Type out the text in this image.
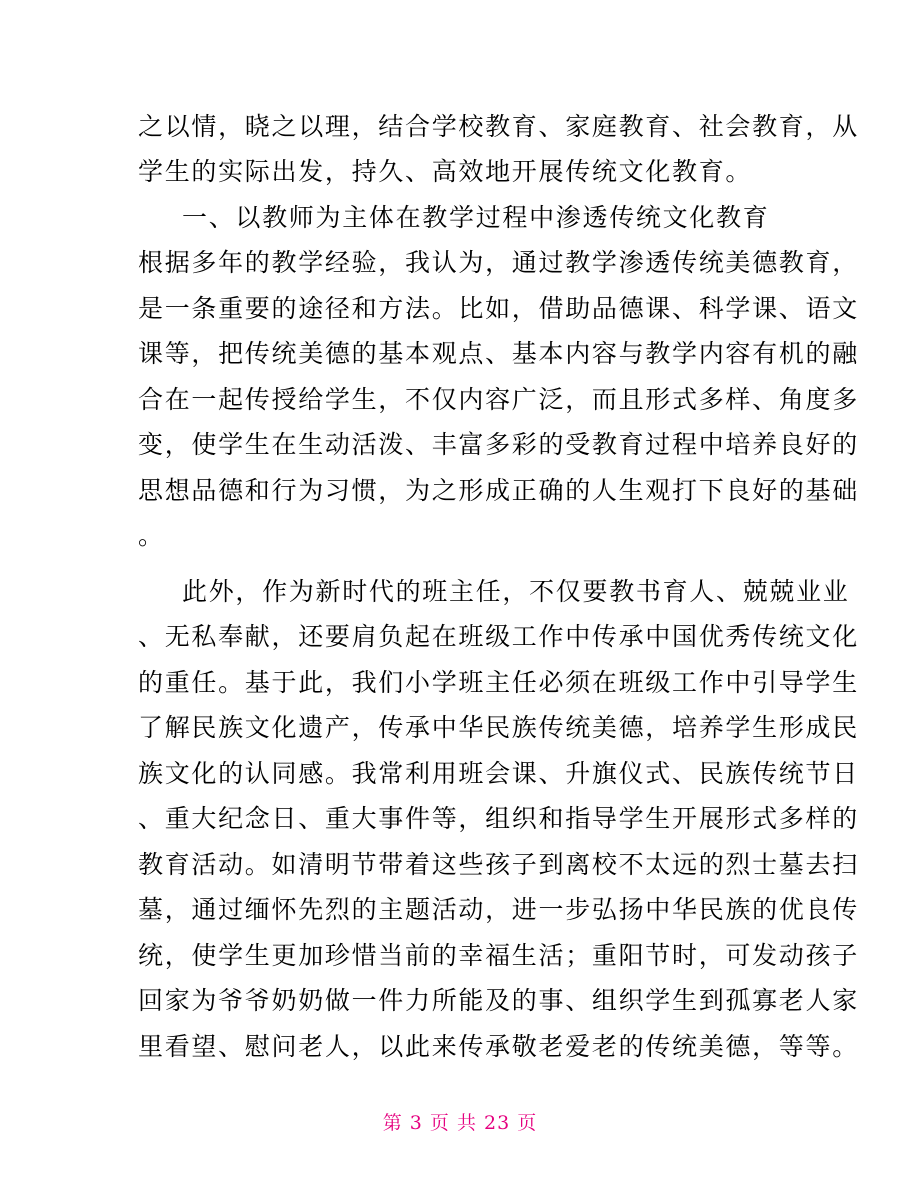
之以情，晓之以理，结合学校教育、家庭教育、社会教育，从
学生的实际出发，持久、高效地开展传统文化教育。
一、以教师为主体在教学过程中渗透传统文化教育
根据多年的教学经验，我认为，通过教学渗透传统美德教育，
是一条重要的途径和方法。比如，借助品德课、科学课、语文
课等，把传统美德的基本观点、基本内容与教学内容有机的融
合在一起传授给学生，不仅内容广泛，而且形式多样、角度多
变，使学生在生动活泼、丰富多彩的受教育过程中培养良好的
思想品德和行为习惯，为之形成正确的人生观打下良好的基础
。
此外，作为新时代的班主任，不仅要教书育人、兢兢业业
、无私奉献，还要肩负起在班级工作中传承中国优秀传统文化
的重任。基于此，我们小学班主任必须在班级工作中引导学生
了解民族文化遗产，传承中华民族传统美德，培养学生形成民
族文化的认同感。我常利用班会课、升旗仪式、民族传统节日
、重大纪念日、重大事件等，组织和指导学生开展形式多样的
教育活动。如清明节带着这些孩子到离校不太远的烈士墓去扫
墓，通过缅怀先烈的主题活动，进一步弘扬中华民族的优良传
统，使学生更加珍惜当前的幸福生活；重阳节时，可发动孩子
回家为爷爷奶奶做一件力所能及的事、组织学生到孤寡老人家
里看望、慰问老人，以此来传承敬老爱老的传统美德，等等。
第 3 页 共 23 页
